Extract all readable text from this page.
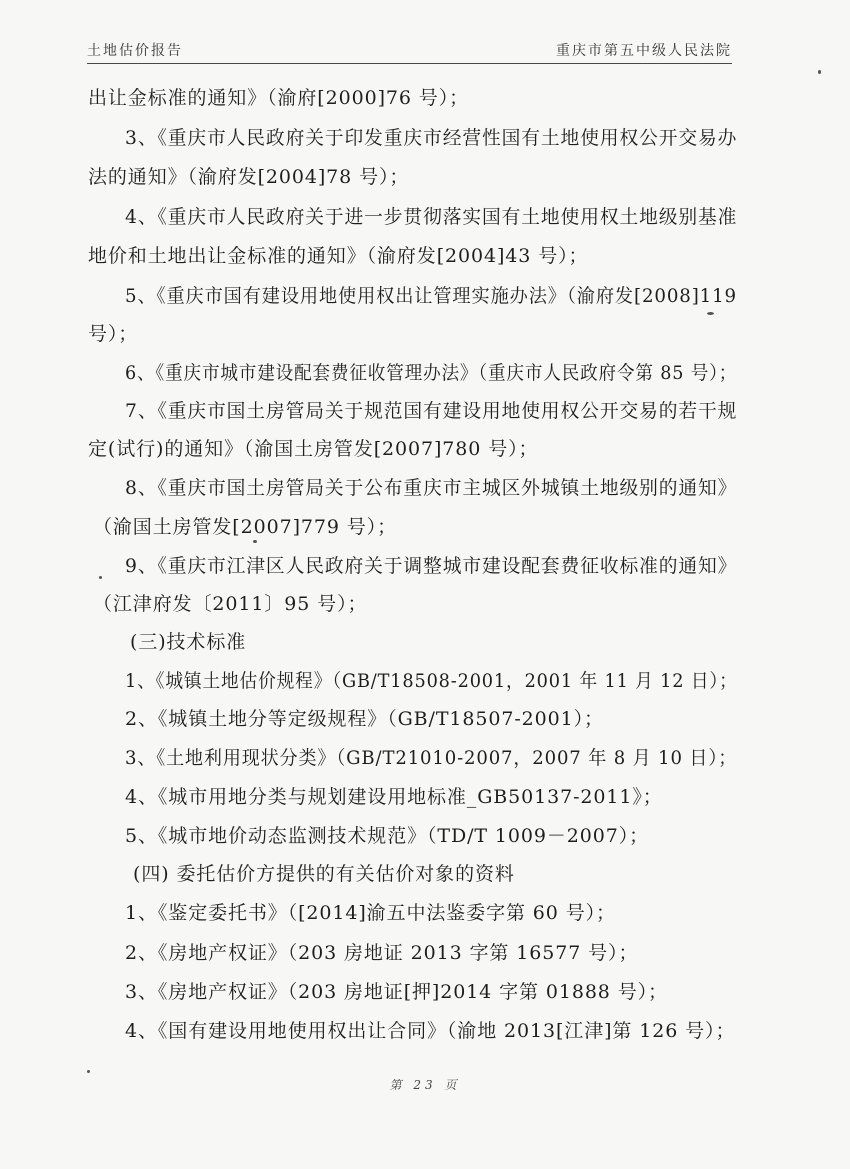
土地估价报告	重庆市第五中级人民法院
出让金标准的通知》（渝府[2000]76 号）；
3、《重庆市人民政府关于印发重庆市经营性国有土地使用权公开交易办
法的通知》（渝府发[2004]78 号）；
4、《重庆市人民政府关于进一步贯彻落实国有土地使用权土地级别基准
地价和土地出让金标准的通知》（渝府发[2004]43 号）；
5、《重庆市国有建设用地使用权出让管理实施办法》（渝府发[2008]119
号）；
6、《重庆市城市建设配套费征收管理办法》（重庆市人民政府令第 85 号）；
7、《重庆市国土房管局关于规范国有建设用地使用权公开交易的若干规
定(试行)的通知》（渝国土房管发[2007]780 号）；
8、《重庆市国土房管局关于公布重庆市主城区外城镇土地级别的通知》
（渝国土房管发[2007]779 号）；
9、《重庆市江津区人民政府关于调整城市建设配套费征收标准的通知》
（江津府发〔2011〕95 号）；
(三)技术标准
1、《城镇土地估价规程》（GB/T18508-2001，2001 年 11 月 12 日）；
2、《城镇土地分等定级规程》（GB/T18507-2001）；
3、《土地利用现状分类》（GB/T21010-2007，2007 年 8 月 10 日）；
4、《城市用地分类与规划建设用地标准_GB50137-2011》；
5、《城市地价动态监测技术规范》（TD/T 1009－2007）；
(四) 委托估价方提供的有关估价对象的资料
1、《鉴定委托书》（[2014]渝五中法鉴委字第 60 号）；
2、《房地产权证》（203 房地证 2013 字第 16577 号）；
3、《房地产权证》（203 房地证[押]2014 字第 01888 号）；
4、《国有建设用地使用权出让合同》（渝地 2013[江津]第 126 号）；
第 23 页
